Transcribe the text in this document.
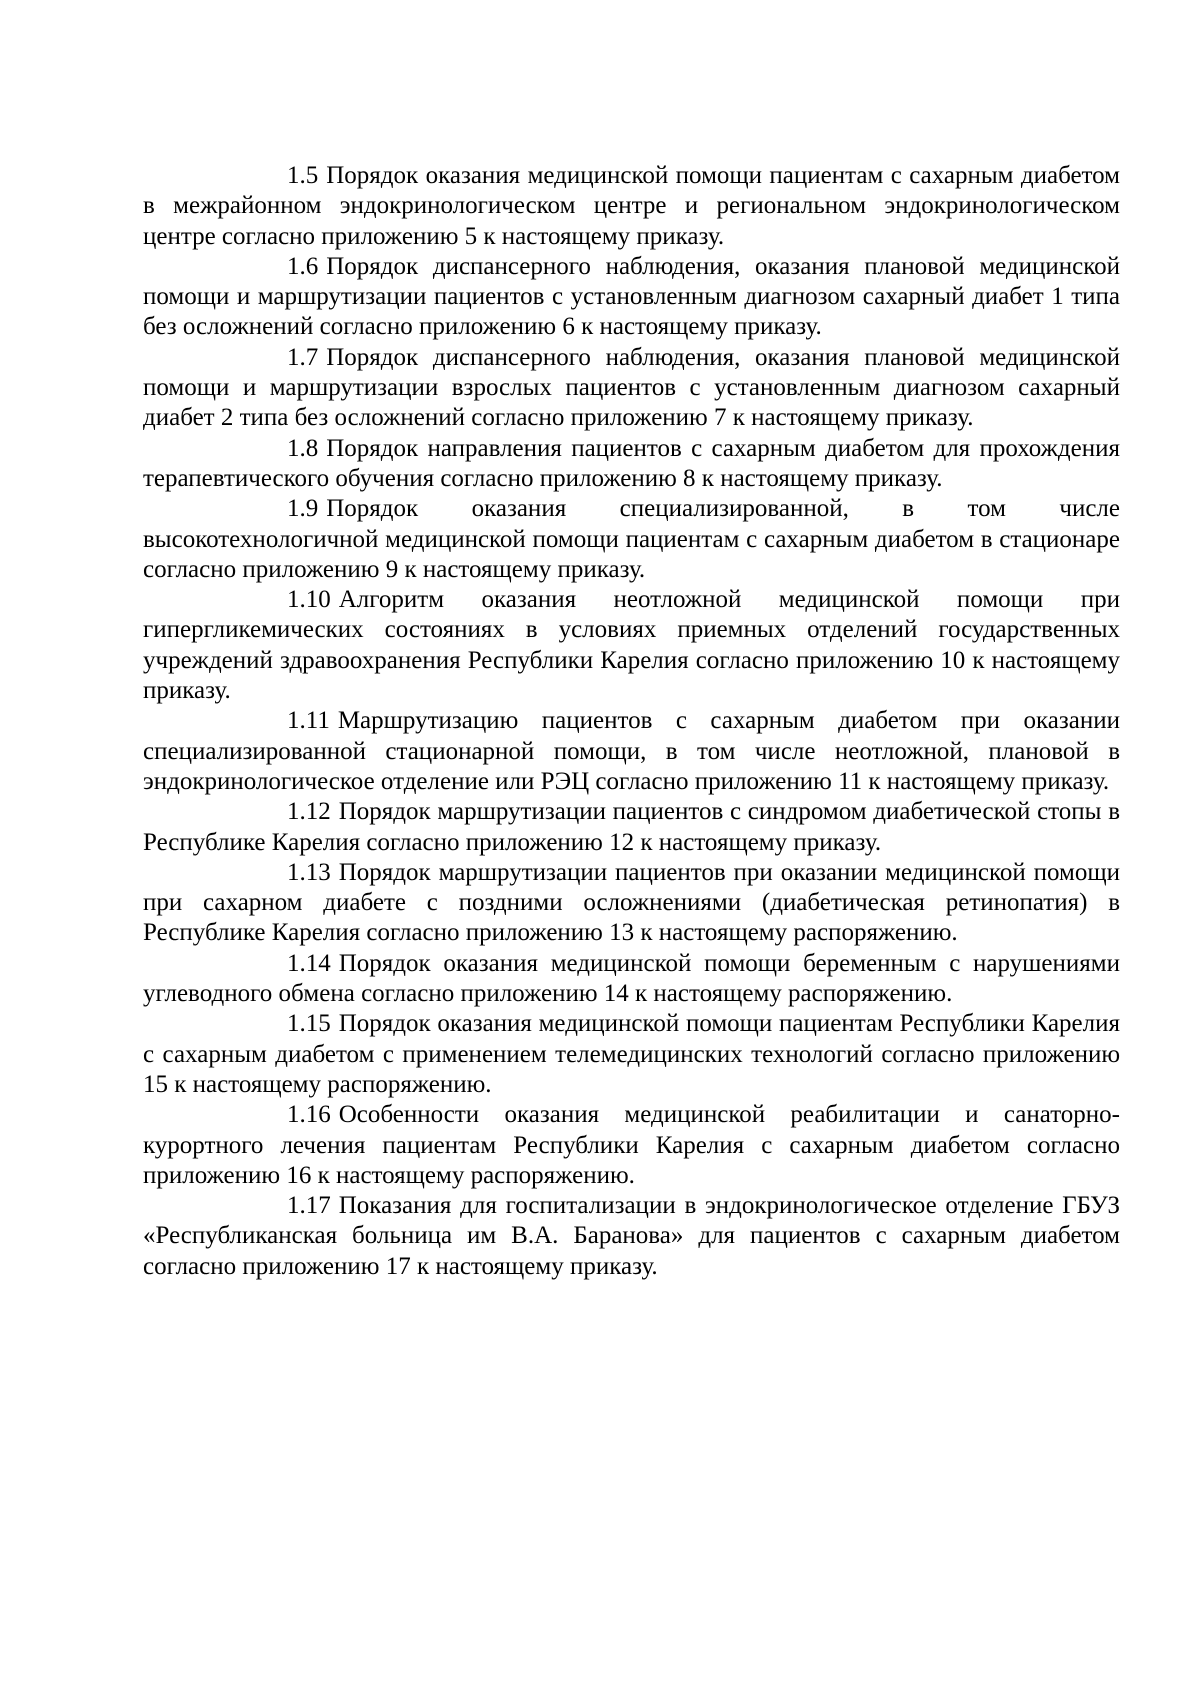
1.5 Порядок оказания медицинской помощи пациентам с сахарным диабетом в межрайонном эндокринологическом центре и региональном эндокринологическом центре согласно приложению 5 к настоящему приказу.

1.6 Порядок диспансерного наблюдения, оказания плановой медицинской помощи и маршрутизации пациентов с установленным диагнозом сахарный диабет 1 типа без осложнений согласно приложению 6 к настоящему приказу.

1.7 Порядок диспансерного наблюдения, оказания плановой медицинской помощи и маршрутизации взрослых пациентов с установленным диагнозом сахарный диабет 2 типа без осложнений согласно приложению 7 к настоящему приказу.

1.8 Порядок направления пациентов с сахарным диабетом для прохождения терапевтического обучения согласно приложению 8 к настоящему приказу.

1.9 Порядок оказания специализированной, в том числе высокотехнологичной медицинской помощи пациентам с сахарным диабетом в стационаре согласно приложению 9 к настоящему приказу.

1.10 Алгоритм оказания неотложной медицинской помощи при гипергликемических состояниях в условиях приемных отделений государственных учреждений здравоохранения Республики Карелия согласно приложению 10 к настоящему приказу.

1.11 Маршрутизацию пациентов с сахарным диабетом при оказании специализированной стационарной помощи, в том числе неотложной, плановой в эндокринологическое отделение или РЭЦ согласно приложению 11 к настоящему приказу.

1.12 Порядок маршрутизации пациентов с синдромом диабетической стопы в Республике Карелия согласно приложению 12 к настоящему приказу.

1.13 Порядок маршрутизации пациентов при оказании медицинской помощи при сахарном диабете с поздними осложнениями (диабетическая ретинопатия) в Республике Карелия согласно приложению 13 к настоящему распоряжению.

1.14 Порядок оказания медицинской помощи беременным с нарушениями углеводного обмена согласно приложению 14 к настоящему распоряжению.

1.15 Порядок оказания медицинской помощи пациентам Республики Карелия с сахарным диабетом с применением телемедицинских технологий согласно приложению 15 к настоящему распоряжению.

1.16 Особенности оказания медицинской реабилитации и санаторно-курортного лечения пациентам Республики Карелия с сахарным диабетом согласно приложению 16 к настоящему распоряжению.

1.17 Показания для госпитализации в эндокринологическое отделение ГБУЗ «Республиканская больница им В.А. Баранова» для пациентов с сахарным диабетом согласно приложению 17 к настоящему приказу.
